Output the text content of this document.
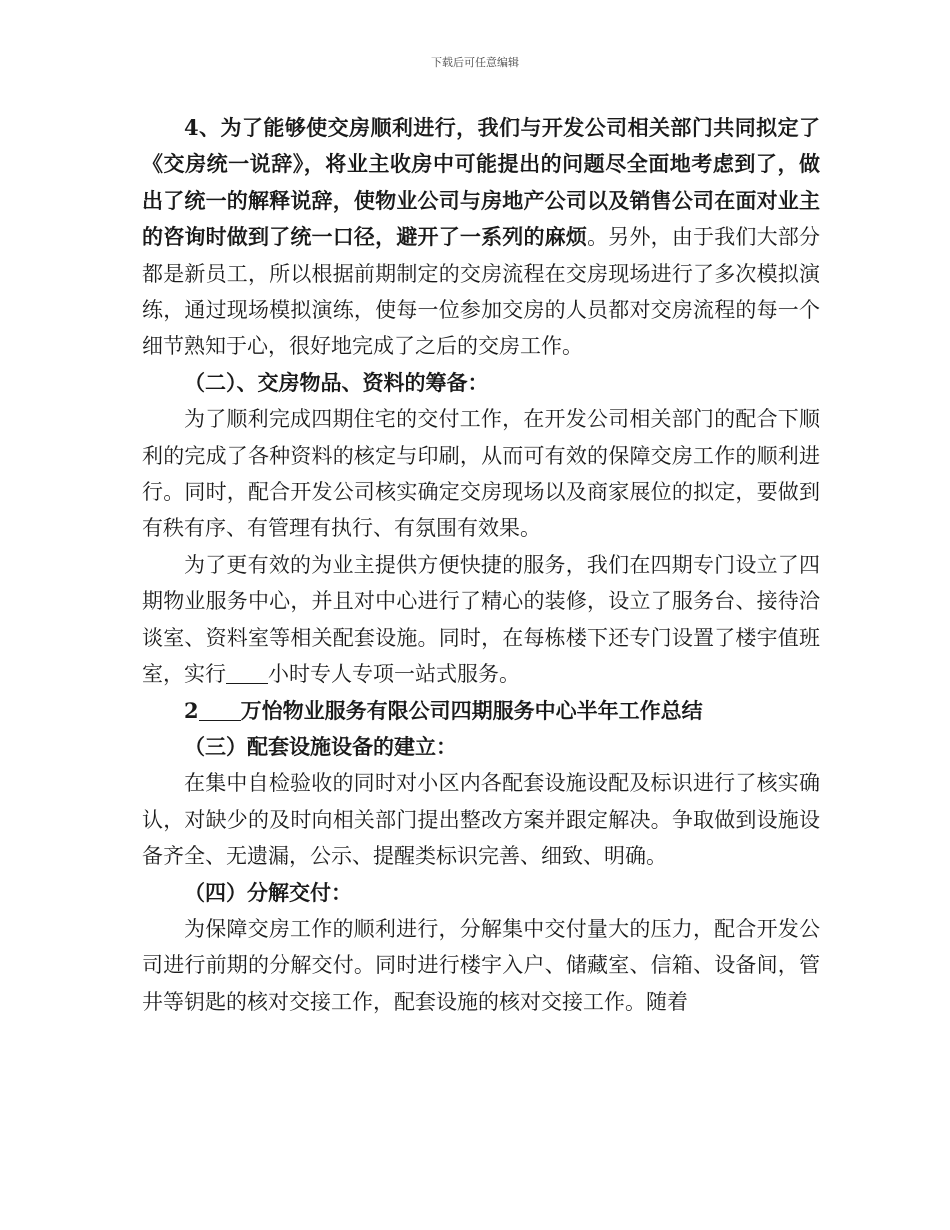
下载后可任意编辑

4、为了能够使交房顺利进行，我们与开发公司相关部门共同拟定了《交房统一说辞》，将业主收房中可能提出的问题尽全面地考虑到了，做出了统一的解释说辞，使物业公司与房地产公司以及销售公司在面对业主的咨询时做到了统一口径，避开了一系列的麻烦。另外，由于我们大部分都是新员工，所以根据前期制定的交房流程在交房现场进行了多次模拟演练，通过现场模拟演练，使每一位参加交房的人员都对交房流程的每一个细节熟知于心，很好地完成了之后的交房工作。

（二）、交房物品、资料的筹备：

为了顺利完成四期住宅的交付工作，在开发公司相关部门的配合下顺利的完成了各种资料的核定与印刷，从而可有效的保障交房工作的顺利进行。同时，配合开发公司核实确定交房现场以及商家展位的拟定，要做到有秩有序、有管理有执行、有氛围有效果。

为了更有效的为业主提供方便快捷的服务，我们在四期专门设立了四期物业服务中心，并且对中心进行了精心的装修，设立了服务台、接待洽谈室、资料室等相关配套设施。同时，在每栋楼下还专门设置了楼宇值班室，实行 小时专人专项一站式服务。

2 万怡物业服务有限公司四期服务中心半年工作总结

（三）配套设施设备的建立：

在集中自检验收的同时对小区内各配套设施设配及标识进行了核实确认，对缺少的及时向相关部门提出整改方案并跟定解决。争取做到设施设备齐全、无遗漏，公示、提醒类标识完善、细致、明确。

（四）分解交付：

为保障交房工作的顺利进行，分解集中交付量大的压力，配合开发公司进行前期的分解交付。同时进行楼宇入户、储藏室、信箱、设备间，管井等钥匙的核对交接工作，配套设施的核对交接工作。随着
